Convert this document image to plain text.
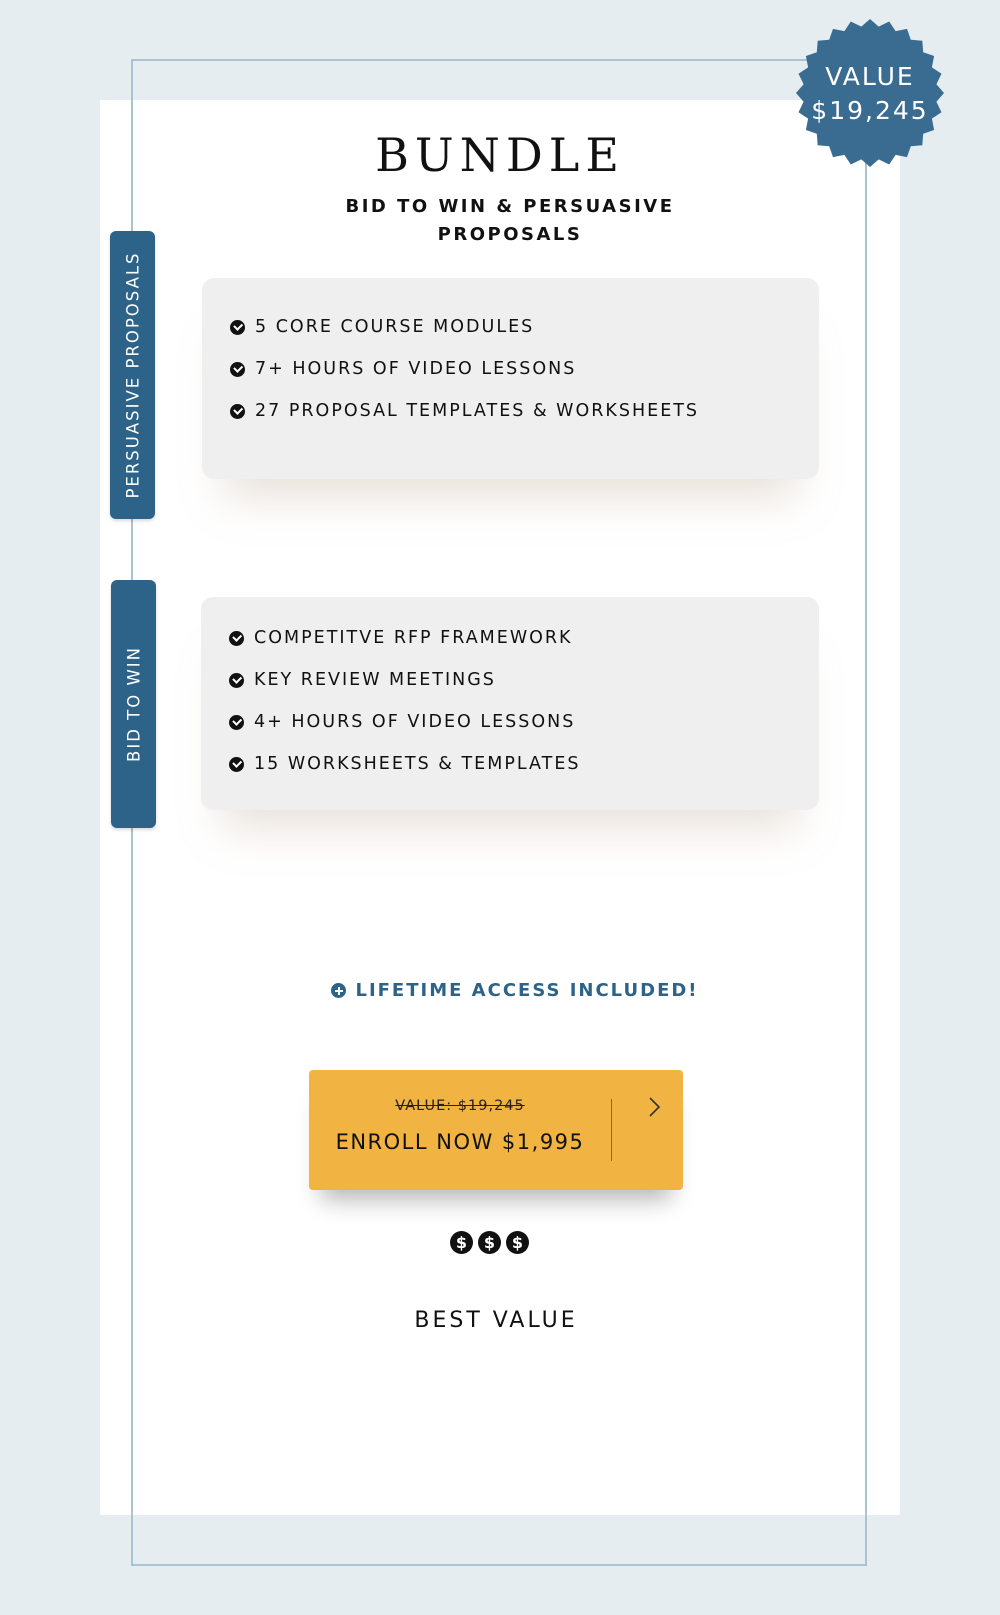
VALUE
$19,245
BUNDLE
BID TO WIN & PERSUASIVE
PROPOSALS
PERSUASIVE PROPOSALS
BID TO WIN
5 CORE COURSE MODULES
7+ HOURS OF VIDEO LESSONS
27 PROPOSAL TEMPLATES & WORKSHEETS
COMPETITVE RFP FRAMEWORK
KEY REVIEW MEETINGS
4+ HOURS OF VIDEO LESSONS
15 WORKSHEETS & TEMPLATES
LIFETIME ACCESS INCLUDED!
VALUE: $19,245
ENROLL NOW $1,995
$	$	$
BEST VALUE
